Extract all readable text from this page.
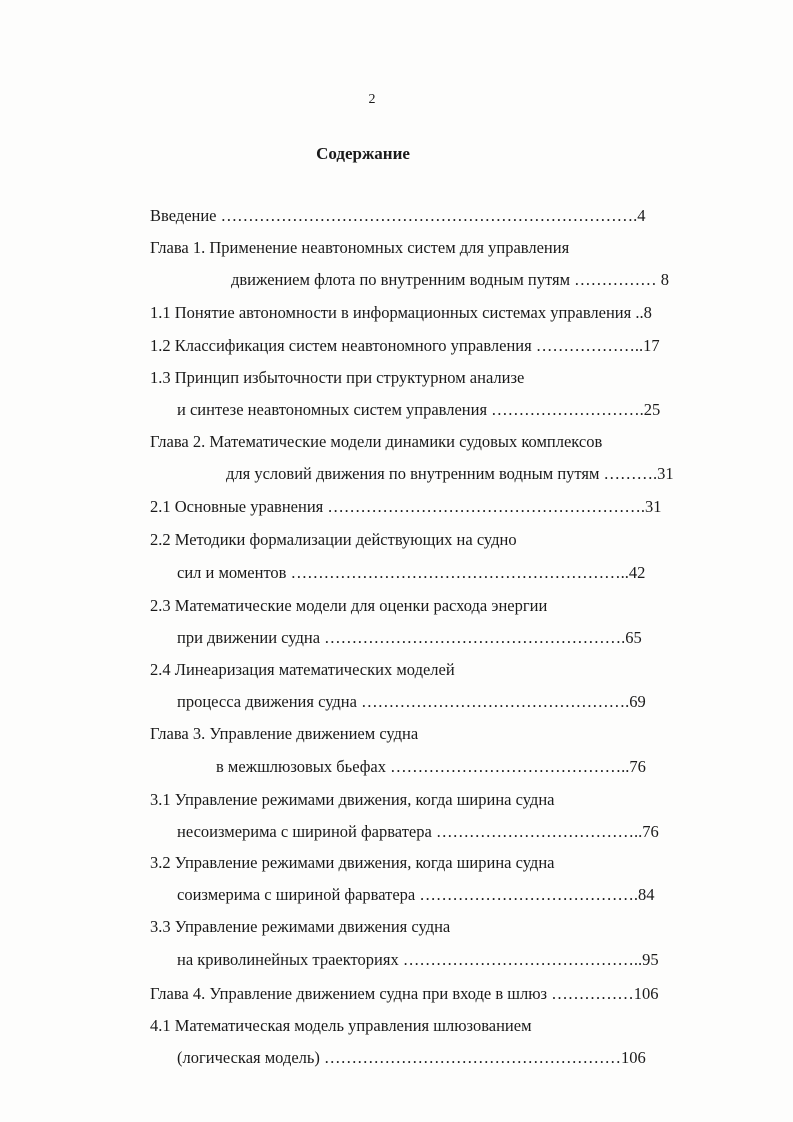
2
Содержание
Введение ………………………………………………………………….4
Глава 1. Применение неавтономных систем для управления
движением флота по внутренним водным путям …………… 8
1.1 Понятие автономности в информационных системах управления ..8
1.2 Классификация систем неавтономного управления ………………..17
1.3 Принцип избыточности при структурном анализе
и синтезе неавтономных систем управления ……………………….25
Глава 2. Математические модели динамики судовых комплексов
для условий движения по внутренним водным путям ……….31
2.1 Основные уравнения ………………………………………………….31
2.2 Методики формализации действующих на судно
сил и моментов ……………………………………………………..42
2.3 Математические модели для оценки расхода энергии
при движении судна ……………………………………………….65
2.4 Линеаризация математических моделей
процесса движения судна ………………………………………….69
Глава 3. Управление движением судна
в межшлюзовых бьефах ……………………………………..76
3.1 Управление режимами движения, когда ширина судна
несоизмерима с шириной фарватера ………………………………..76
3.2 Управление режимами движения, когда ширина судна
соизмерима с шириной фарватера ………………………………….84
3.3 Управление режимами движения судна
на криволинейных траекториях ……………………………………..95
Глава 4. Управление движением судна при входе в шлюз ……………106
4.1 Математическая модель управления шлюзованием
(логическая модель) ………………………………………………106
